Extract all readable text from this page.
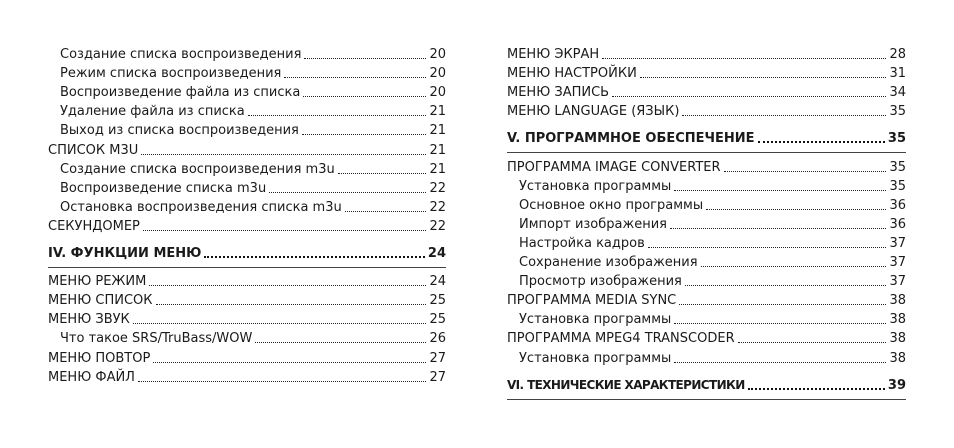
Создание списка воспроизведения	20
Режим списка воспроизведения	20
Воспроизведение файла из списка	20
Удаление файла из списка	21
Выход из списка воспроизведения	21
СПИСОК M3U	21
Создание списка воспроизведения m3u	21
Воспроизведение списка m3u	22
Остановка воспроизведения списка m3u	22
СЕКУНДОМЕР	22
IV. ФУНКЦИИ МЕНЮ	24
МЕНЮ РЕЖИМ	24
МЕНЮ СПИСОК	25
МЕНЮ ЗВУК	25
Что такое SRS/TruBass/WOW	26
МЕНЮ ПОВТОР	27
МЕНЮ ФАЙЛ	27
МЕНЮ ЭКРАН	28
МЕНЮ НАСТРОЙКИ	31
МЕНЮ ЗАПИСЬ	34
МЕНЮ LANGUAGE (ЯЗЫК)	35
V. ПРОГРАММНОЕ ОБЕСПЕЧЕНИЕ	35
ПРОГРАММА IMAGE CONVERTER	35
Установка программы	35
Основное окно программы	36
Импорт изображения	36
Настройка кадров	37
Сохранение изображения	37
Просмотр изображения	37
ПРОГРАММА MEDIA SYNC	38
Установка программы	38
ПРОГРАММА MPEG4 TRANSCODER	38
Установка программы	38
VI. ТЕХНИЧЕСКИЕ ХАРАКТЕРИСТИКИ	39
